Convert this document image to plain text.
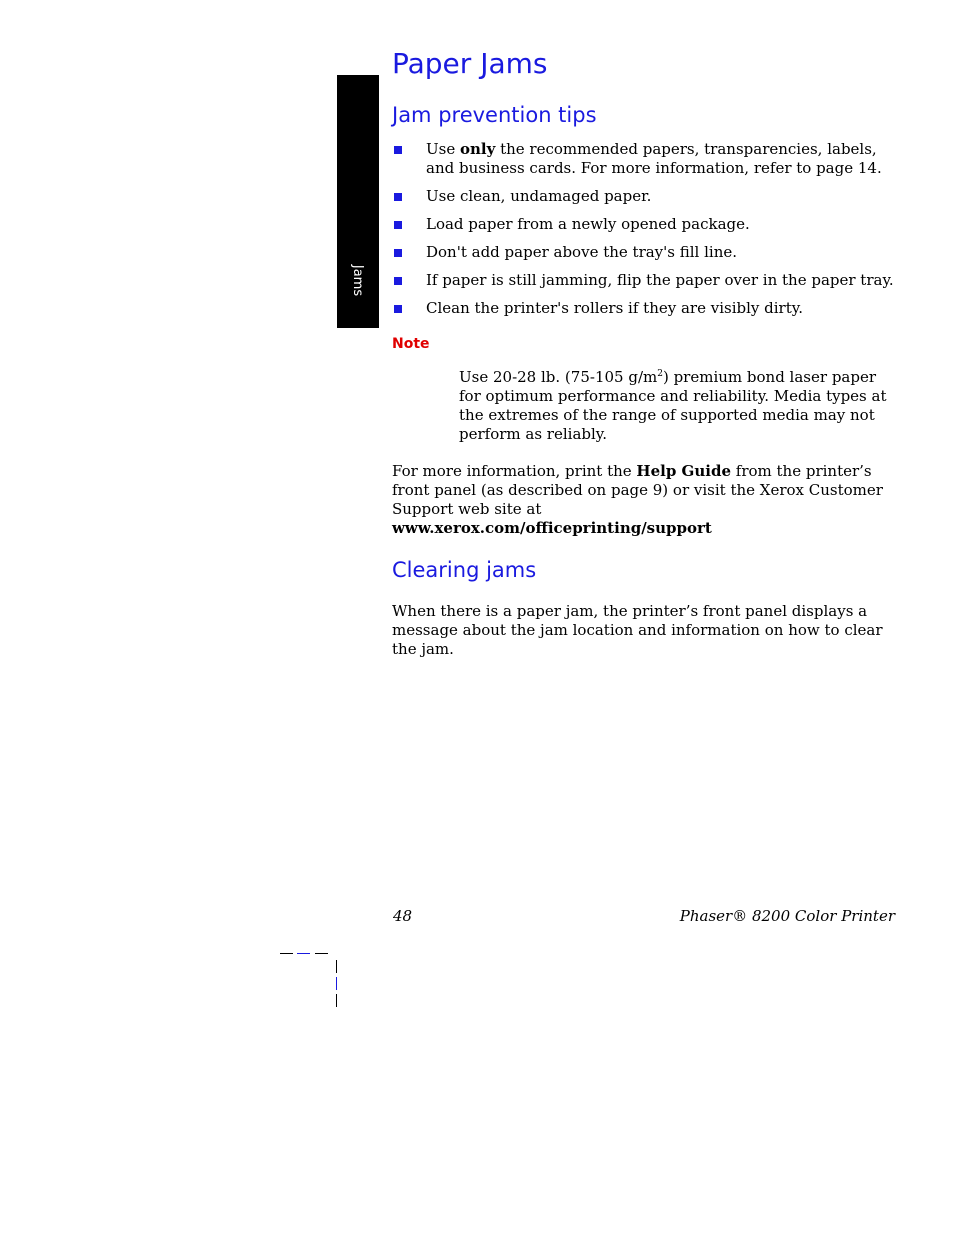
Jams
Paper Jams
Jam prevention tips
Use only the recommended papers, transparencies, labels, and business cards. For more information, refer to page 14.
Use clean, undamaged paper.
Load paper from a newly opened package.
Don't add paper above the tray's fill line.
If paper is still jamming, flip the paper over in the paper tray.
Clean the printer's rollers if they are visibly dirty.
Note
Use 20-28 lb. (75-105 $g/m^2$) premium bond laser paper for optimum performance and reliability. Media types at the extremes of the range of supported media may not perform as reliably.
For more information, print the Help Guide from the printer’s front panel (as described on page 9) or visit the Xerox Customer Support web site at
www.xerox.com/officeprinting/support
Clearing jams
When there is a paper jam, the printer’s front panel displays a message about the jam location and information on how to clear the jam.
48	Phaser® 8200 Color Printer
